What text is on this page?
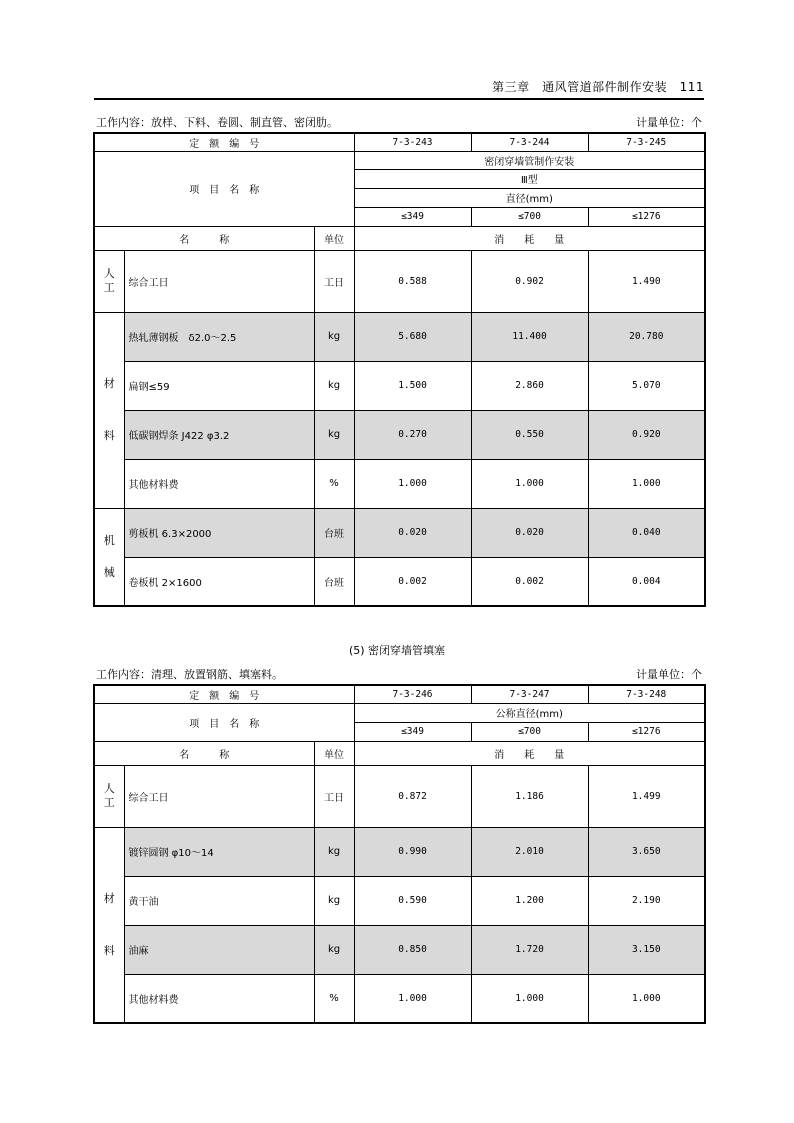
第三章　通风管道部件制作安装　111
工作内容：放样、下料、卷圆、制直管、密闭肋。	计量单位：个
定　额　编　号			7-3-243	7-3-244	7-3-245
项　目　名　称			密闭穿墙管制作安装		
			Ⅲ型		
			直径(mm)		
			≤349	≤700	≤1276
名　　　称		单位	消　　耗　　量		

人工	综合工日	工日	0.588	0.902	1.490

材
料	热轧薄钢板　δ2.0～2.5	kg	5.680	11.400	20.780
	扁钢≤59	kg	1.500	2.860	5.070
	低碳钢焊条 J422 φ3.2	kg	0.270	0.550	0.920
	其他材料费	%	1.000	1.000	1.000

机
械	剪板机 6.3×2000	台班	0.020	0.020	0.040
	卷板机 2×1600	台班	0.002	0.002	0.004
(5) 密闭穿墙管填塞
工作内容：清理、放置钢筋、填塞料。	计量单位：个
定　额　编　号			7-3-246	7-3-247	7-3-248
项　目　名　称			公称直径(mm)		
			≤349	≤700	≤1276
名　　　称		单位	消　　耗　　量		

人工	综合工日	工日	0.872	1.186	1.499

材
料	镀锌圆钢 φ10～14	kg	0.990	2.010	3.650
	黄干油	kg	0.590	1.200	2.190
	油麻	kg	0.850	1.720	3.150
	其他材料费	%	1.000	1.000	1.000
